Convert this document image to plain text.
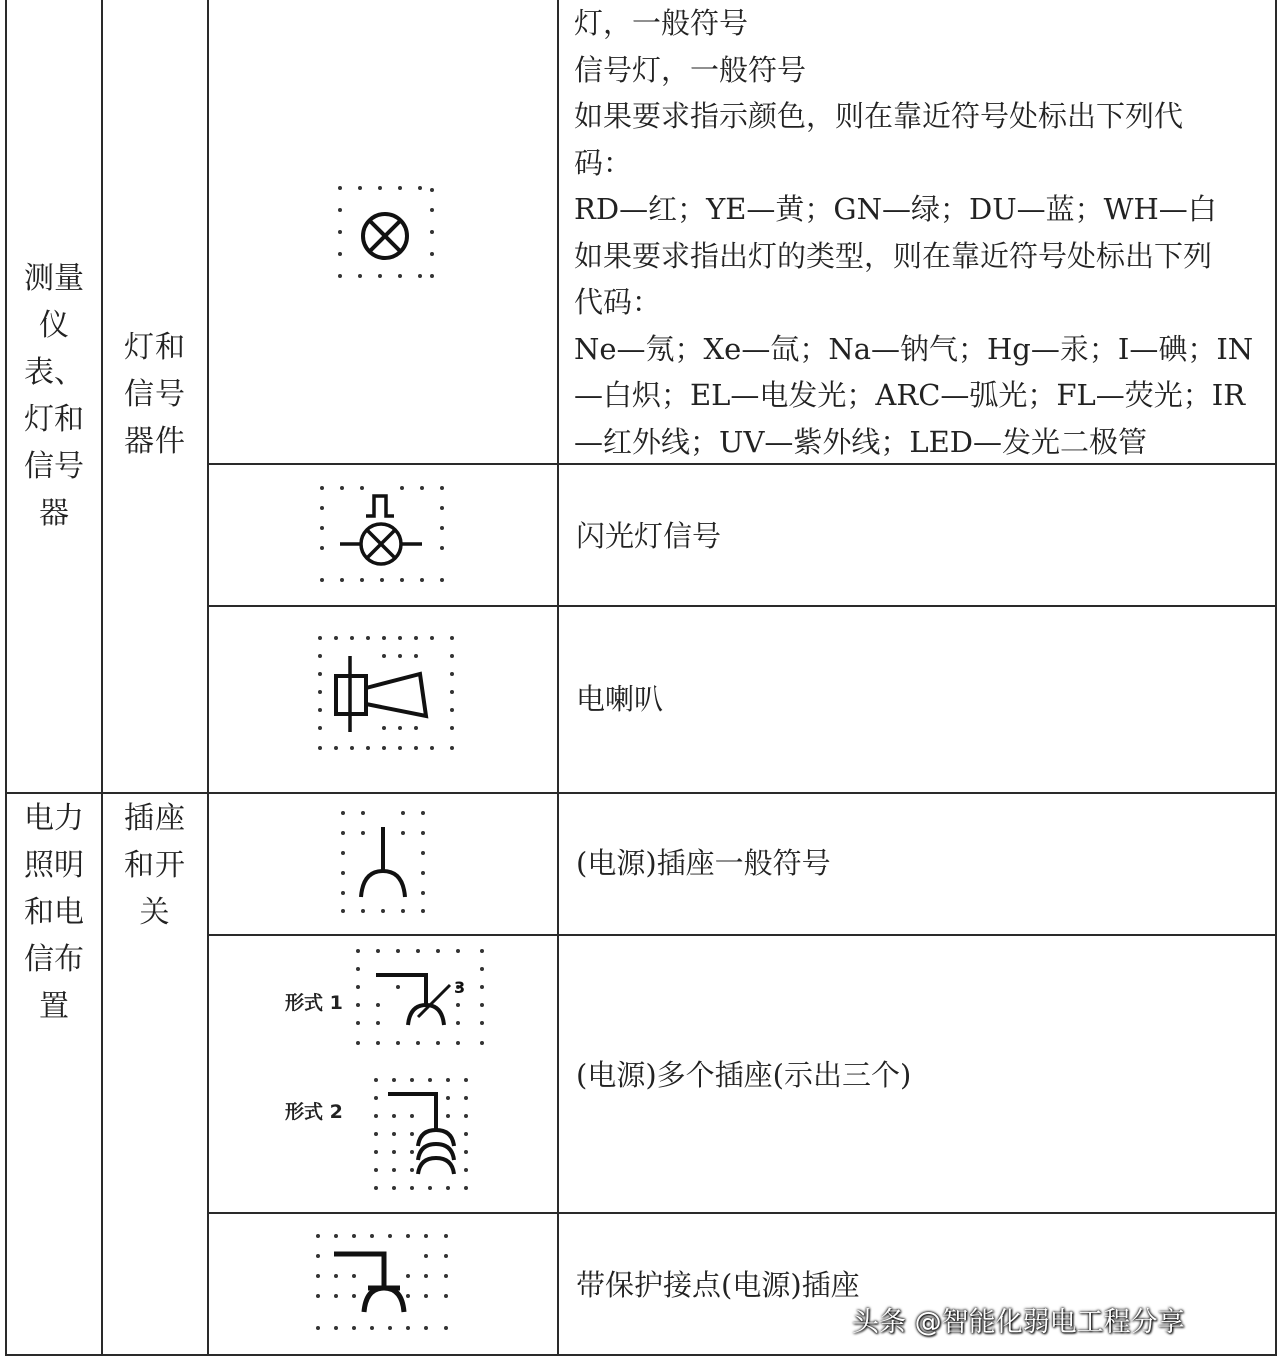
测量
仪
表、
灯和
信号
器
灯和
信号
器件
灯，一般符号
信号灯，一般符号
如果要求指示颜色，则在靠近符号处标出下列代
码：
RD—红；YE—黄；GN—绿；DU—蓝；WH—白
如果要求指出灯的类型，则在靠近符号处标出下列
代码：
Ne—氖；Xe—氙；Na—钠气；Hg—汞；I—碘；IN
—白炽；EL—电发光；ARC—弧光；FL—荧光；IR
—红外线；UV—紫外线；LED—发光二极管
闪光灯信号
电喇叭
电力
照明
和电
信布
置
插座
和开
关
(电源)插座一般符号
形式 1
3
形式 2
(电源)多个插座(示出三个)
带保护接点(电源)插座
头条 @智能化弱电工程分享
